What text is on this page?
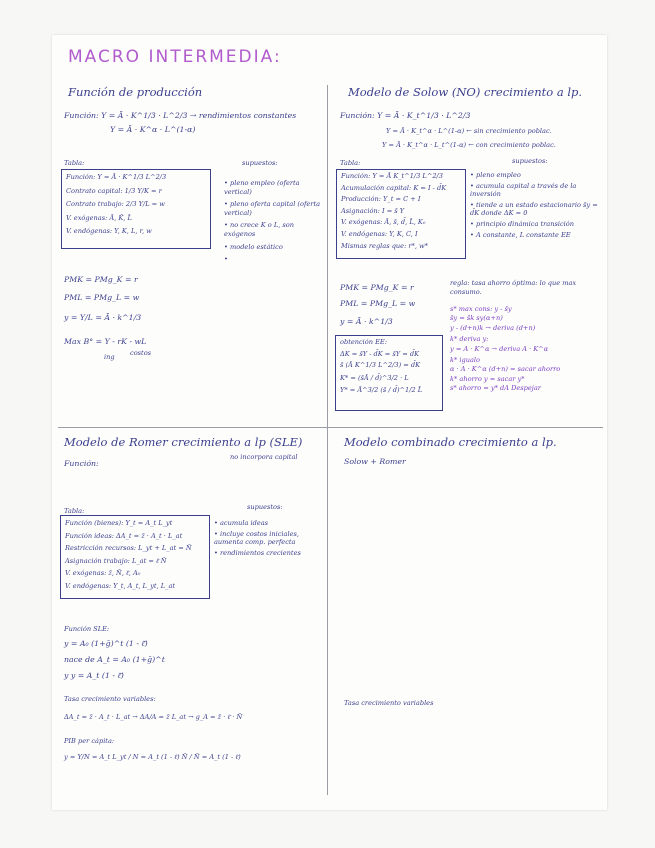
MACRO INTERMEDIA:
Función de producción
Función: Y = Ā · K^1/3 · L^2/3 → rendimientos constantes
Y = Ā · K^α · L^(1-α)
Tabla:
Función: Y = Ā · K^1/3 L^2/3
Contrato capital: 1/3 Y/K = r
Contrato trabajo: 2/3 Y/L = w
V. exógenas: Ā, K̄, L̄
V. endógenas: Y, K, L, r, w
supuestos:
• pleno empleo (oferta vertical)
• pleno oferta capital (oferta vertical)
• no crece K o L, son exógenos
• modelo estático
•
PMK = PMg_K = r
PML = PMg_L = w
y = Y/L = Ā · k^1/3
Max B° = Y - rK - wL
ing costos
Modelo de Solow (NO) crecimiento a lp.
Función: Y = Ā · K_t^1/3 · L^2/3
Y = Ā · K_t^α · L^(1-α) ← sin crecimiento poblac.
Y = Ā · K_t^α · L_t^(1-α) ← con crecimiento poblac.
Tabla:
Función: Y = Ā K_t^1/3 L^2/3
Acumulación capital: K = I - d̄K
Producción: Y_t = C + I
Asignación: I = s̄ Y
V. exógenas: Ā, s̄, d̄, L̄, K₀
V. endógenas: Y, K, C, I
Mismas reglas que: r*, w*
supuestos:
• pleno empleo
• acumula capital a través de la inversión
• tiende a un estado estacionario s̄y = d̄K donde ΔK = 0
• principio dinámica transición
• A constante, L constante EE
PMK = PMg_K = r
PML = PMg_L = w
y = Ā · k^1/3
regla: tasa ahorro óptima: lo que max consumo.
obtención EE:
ΔK = s̄Y - d̄K = s̄Y = d̄K
s̄ (Ā K^1/3 L^2/3) = d̄K
K* = (s̄Ā / d̄)^3/2 · L
Y* = Ā^3/2 (s̄ / d̄)^1/2 L̄
s* max cons: y - s̄y
s̄y = s̄k sy(α+n)
y - (d+n)k → deriva (d+n)
k* deriva y:
y = A · K^α → deriva A · K^α
k* igualo
α · A · K^α (d+n) = sacar ahorro
k* ahorro y = sacar y*
s* ahorro = y* dA Despejar
Modelo de Romer crecimiento a lp (SLE)
Función:
no incorpora capital
Tabla:
Función (bienes): Y_t = A_t L_yt
Función ideas: ΔA_t = z̄ · A_t · L_at
Restricción recursos: L_yt + L_at = N̄
Asignación trabajo: L_at = ℓ̄ N̄
V. exógenas: z̄, N̄, ℓ̄, A₀
V. endógenas: Y_t, A_t, L_yt, L_at
supuestos:
• acumula ideas
• incluye costos iniciales, aumenta comp. perfecta
• rendimientos crecientes
Función SLE:
y = A₀ (1+ḡ)^t (1 - ℓ̄)
nace de A_t = A₀ (1+ḡ)^t
y y = A_t (1 - ℓ̄)
Tasa crecimiento variables:
ΔA_t = z̄ · A_t · L_at → ΔA/A = z̄ L_at → g_A = z̄ · ℓ̄ · N̄
PIB per cápita:
y = Y/N = A_t L_yt / N = A_t (1 - ℓ̄) N̄ / N̄ = A_t (1 - ℓ̄)
Modelo combinado crecimiento a lp.
Solow + Romer
Tasa crecimiento variables
